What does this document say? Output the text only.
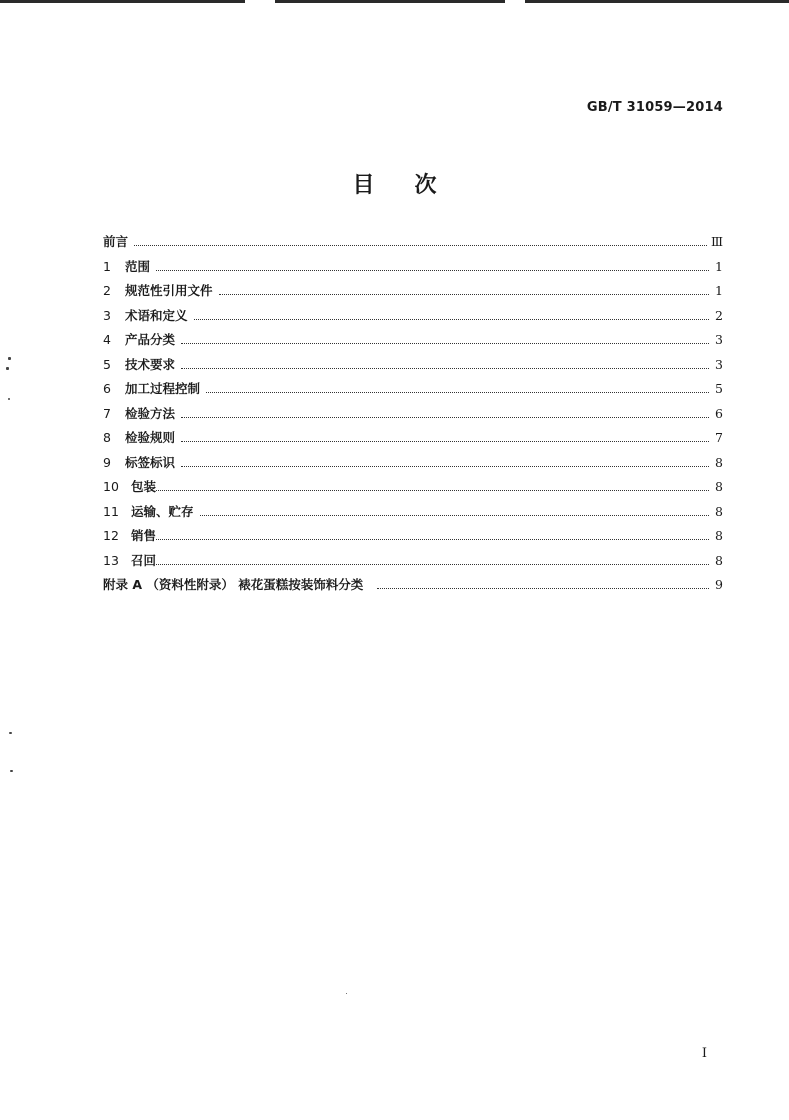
GB/T 31059—2014
目次
前言	Ⅲ
1	范围	1
2	规范性引用文件	1
3	术语和定义	2
4	产品分类	3
5	技术要求	3
6	加工过程控制	5
7	检验方法	6
8	检验规则	7
9	标签标识	8
10 包装	8
11 运输、贮存	8
12 销售	8
13 召回	8
附录 A （资料性附录） 裱花蛋糕按装饰料分类	9
I
